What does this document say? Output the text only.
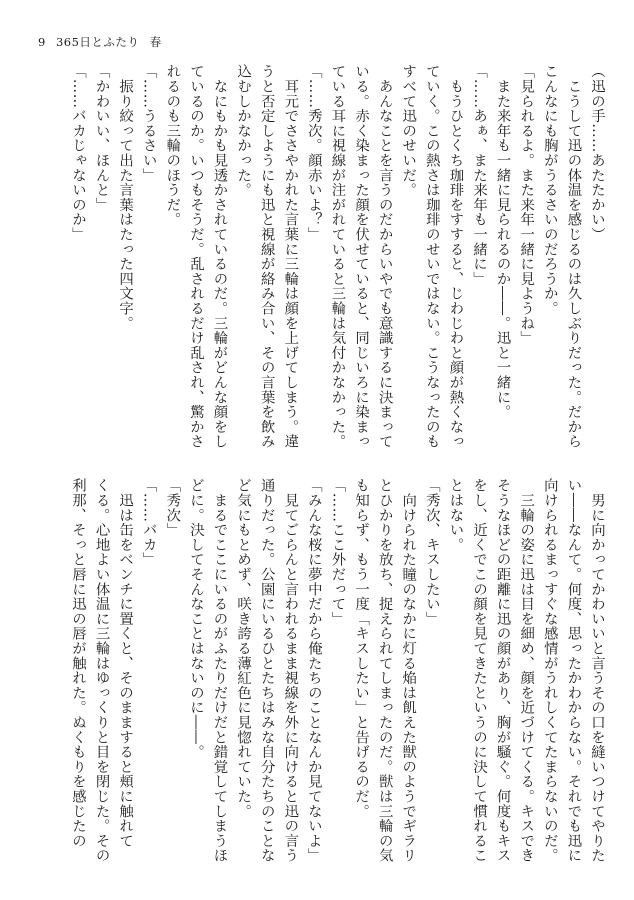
9 365日とふたり 春
（迅の手……あたたかい）
　こうして迅の体温を感じるのは久しぶりだった。だから
こんなにも胸がうるさいのだろうか。
「見られるよ。また来年一緒に見ようね」
　また来年も一緒に見られるのか――。迅と一緒に。
「……あぁ、また来年も一緒に」
　もうひとくち珈琲をすすると、じわじわと顔が熱くなっ
ていく。この熱さは珈琲のせいではない。こうなったのも
すべて迅のせいだ。
　あんなことを言うのだからいやでも意識するに決まって
いる。赤く染まった顔を伏せていると、同じいろに染まっ
ている耳に視線が注がれていると三輪は気付かなかった。
「……秀次。顔赤いよ？」
　耳元でささやかれた言葉に三輪は顔を上げてしまう。違
うと否定しようにも迅と視線が絡み合い、その言葉を飲み
込むしかなかった。
　なにもかも見透かされているのだ。三輪がどんな顔をし
ているのか。いつもそうだ。乱されるだけ乱され、驚かさ
れるのも三輪のほうだ。
「……うるさい」
　振り絞って出た言葉はたった四文字。
「かわいい、ほんと」
「……バカじゃないのか」
　男に向かってかわいいと言うその口を縫いつけてやりた
い――なんて。何度、思ったかわからない。それでも迅に
向けられるまっすぐな感情がうれしくてたまらないのだ。
　三輪の姿に迅は目を細め、顔を近づけてくる。キスでき
そうなほどの距離に迅の顔があり、胸が騒ぐ。何度もキス
をし、近くでこの顔を見てきたというのに決して慣れるこ
とはない。
「秀次、キスしたい」
　向けられた瞳のなかに灯る焔は飢えた獣のようでギラリ
とひかりを放ち、捉えられてしまったのだ。獣は三輪の気
も知らず、もう一度「キスしたい」と告げるのだ。
「……ここ外だって」
「みんな桜に夢中だから俺たちのことなんか見てないよ」
　見てごらんと言われるまま視線を外に向けると迅の言う
通りだった。公園にいるひとたちはみな自分たちのことな
ど気にもとめず、咲き誇る薄紅色に見惚れていた。
　まるでここにいるのがふたりだけだと錯覚してしまうほ
どに。決してそんなことはないのに――。
「秀次」
「……バカ」
　迅は缶をベンチに置くと、そのまますると頬に触れて
くる。心地よい体温に三輪はゆっくりと目を閉じた。その
利那、そっと唇に迅の唇が触れた。ぬくもりを感じたの
